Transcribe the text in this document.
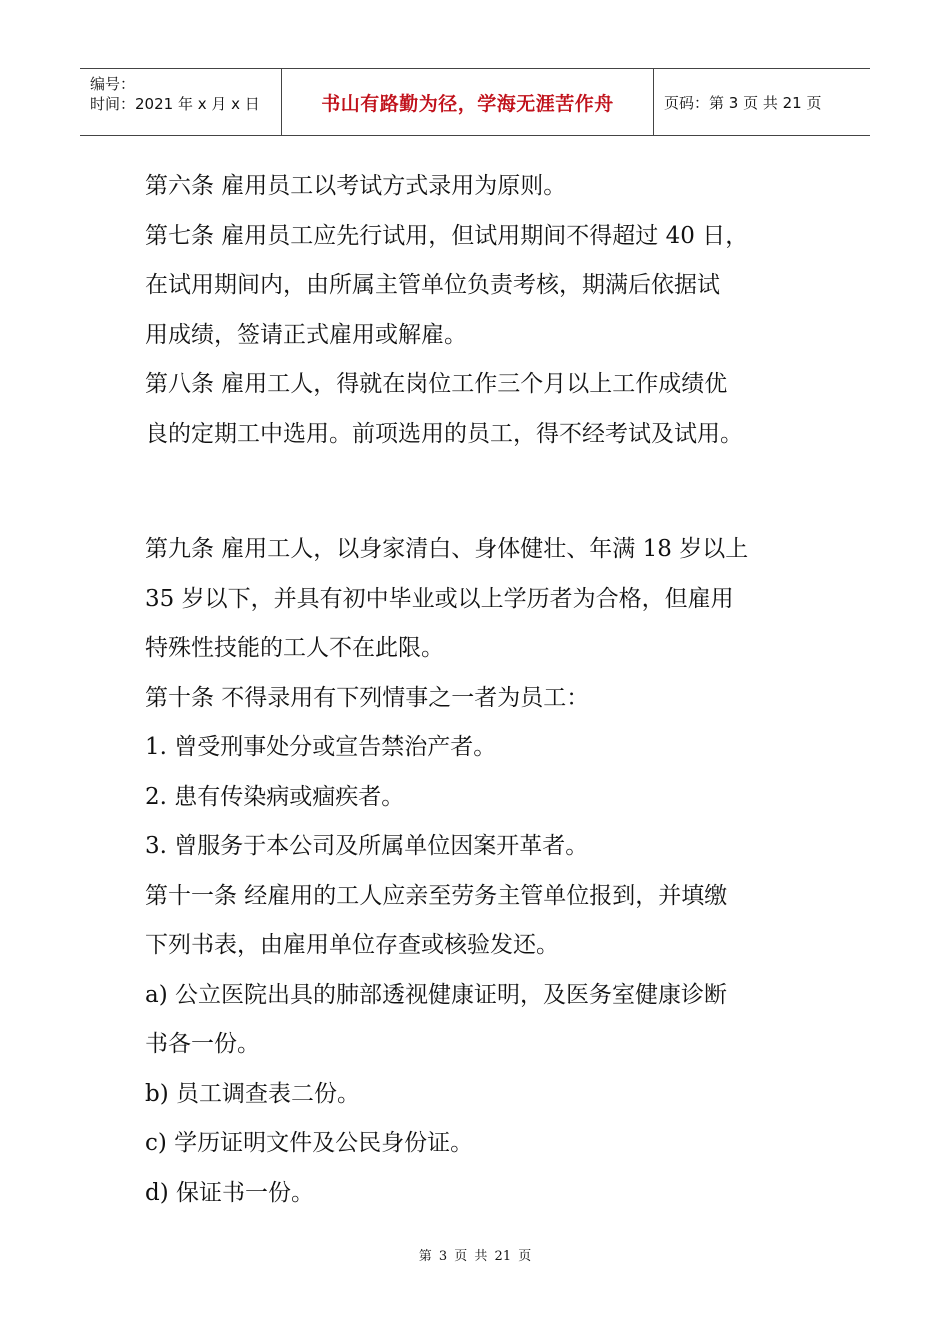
编号：
时间：2021 年 x 月 x 日	书山有路勤为径，学海无涯苦作舟	页码：第 3 页 共 21 页
第六条 雇用员工以考试方式录用为原则。
第七条 雇用员工应先行试用，但试用期间不得超过 40 日，
在试用期间内，由所属主管单位负责考核，期满后依据试
用成绩，签请正式雇用或解雇。
第八条 雇用工人，得就在岗位工作三个月以上工作成绩优
良的定期工中选用。前项选用的员工，得不经考试及试用。
第九条 雇用工人，以身家清白、身体健壮、年满 18 岁以上
35 岁以下，并具有初中毕业或以上学历者为合格，但雇用
特殊性技能的工人不在此限。
第十条 不得录用有下列情事之一者为员工：
1. 曾受刑事处分或宣告禁治产者。
2. 患有传染病或痼疾者。
3. 曾服务于本公司及所属单位因案开革者。
第十一条 经雇用的工人应亲至劳务主管单位报到，并填缴
下列书表，由雇用单位存查或核验发还。
a) 公立医院出具的肺部透视健康证明，及医务室健康诊断
书各一份。
b) 员工调查表二份。
c) 学历证明文件及公民身份证。
d) 保证书一份。
第 3 页 共 21 页
